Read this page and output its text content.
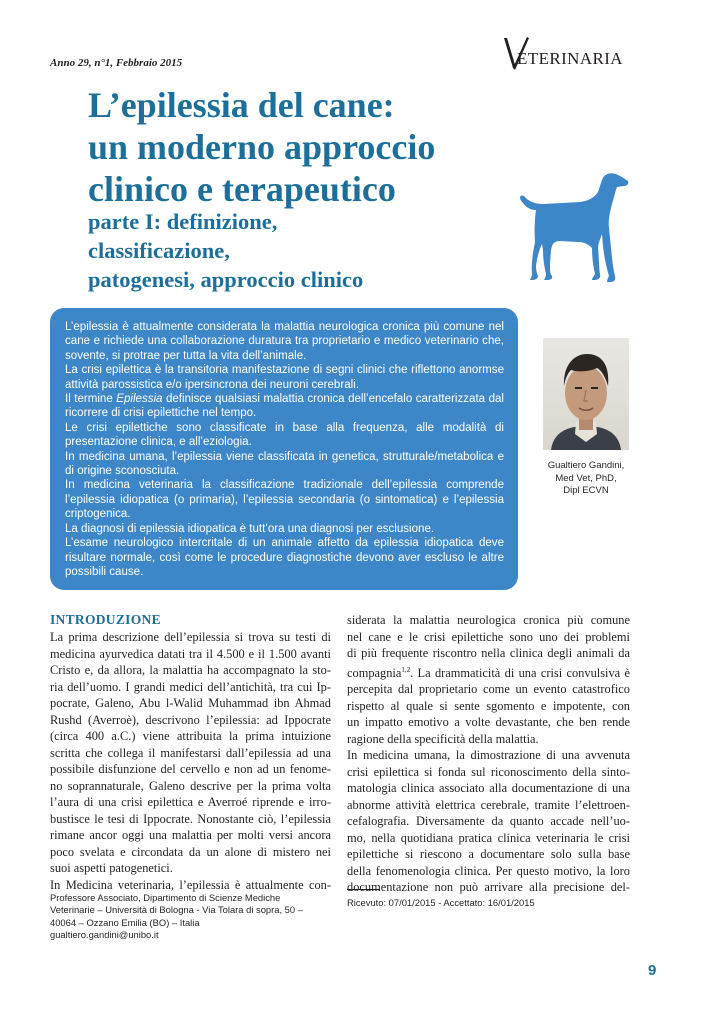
Anno 29, n°1, Febbraio 2015	ETERINARIA
L’epilessia del cane:
un moderno approccio
clinico e terapeutico
parte I: definizione,
classificazione,
patogenesi, approccio clinico

L’epilessia è attualmente considerata la malattia neurologica cronica più comune nel cane e richiede una collaborazione duratura tra proprietario e medico veterinario che, sovente, si protrae per tutta la vita dell’animale.

La crisi epilettica è la transitoria manifestazione di segni clinici che riflettono anormse attività parossistica e/o ipersincrona dei neuroni cerebrali.

Il termine Epilessia definisce qualsiasi malattia cronica dell’encefalo caratterizzata dal ricorrere di crisi epilettiche nel tempo.

Le crisi epilettiche sono classificate in base alla frequenza, alle modalità di presentazione clinica, e all’eziologia.

In medicina umana, l’epilessia viene classificata in genetica, strutturale/metabolica e di origine sconosciuta.

In medicina veterinaria la classificazione tradizionale dell’epilessia comprende l’epilessia idiopatica (o primaria), l’epilessia secondaria (o sintomatica) e l’epilessia criptogenica.

La diagnosi di epilessia idiopatica è tutt’ora una diagnosi per esclusione.

L’esame neurologico intercritale di un animale affetto da epilessia idiopatica deve risultare normale, così come le procedure diagnostiche devono aver escluso le altre possibili cause.

Gualtiero Gandini,
Med Vet, PhD,
Dipl ECVN
INTRODUZIONE
La prima descrizione dell’epilessia si trova su testi di
medicina ayurvedica datati tra il 4.500 e il 1.500 avanti
Cristo e, da allora, la malattia ha accompagnato la sto-
ria dell’uomo. I grandi medici dell’antichità, tra cui Ip-
pocrate, Galeno, Abu l-Walid Muhammad ibn Ahmad
Rushd (Averroè), descrivono l’epilessia: ad Ippocrate
(circa 400 a.C.) viene attribuita la prima intuizione
scritta che collega il manifestarsi dall’epilessia ad una
possibile disfunzione del cervello e non ad un fenome-
no soprannaturale, Galeno descrive per la prima volta
l’aura di una crisi epilettica e Averroé riprende e irro-
bustisce le tesi di Ippocrate. Nonostante ciò, l’epilessia
rimane ancor oggi una malattia per molti versi ancora
poco svelata e circondata da un alone di mistero nei
suoi aspetti patogenetici.
In Medicina veterinaria, l’epilessia è attualmente con-
siderata la malattia neurologica cronica più comune
nel cane e le crisi epilettiche sono uno dei problemi
di più frequente riscontro nella clinica degli animali da
compagnia$^{1,2}$. La drammaticità di una crisi convulsiva è
percepita dal proprietario come un evento catastrofico
rispetto al quale si sente sgomento e impotente, con
un impatto emotivo a volte devastante, che ben rende
ragione della specificità della malattia.
In medicina umana, la dimostrazione di una avvenuta
crisi epilettica si fonda sul riconoscimento della sinto-
matologia clinica associato alla documentazione di una
abnorme attività elettrica cerebrale, tramite l’elettroen-
cefalografia. Diversamente da quanto accade nell’uo-
mo, nella quotidiana pratica clinica veterinaria le crisi
epilettiche si riescono a documentare solo sulla base
della fenomenologia clinica. Per questo motivo, la loro
documentazione non può arrivare alla precisione del-
Professore Associato, Dipartimento di Scienze Mediche
Veterinarie – Università di Bologna - Via Tolara di sopra, 50 –
40064 – Ozzano Emilia (BO) – Italia
gualtiero.gandini@unibo.it
Ricevuto: 07/01/2015 - Accettato: 16/01/2015
9
